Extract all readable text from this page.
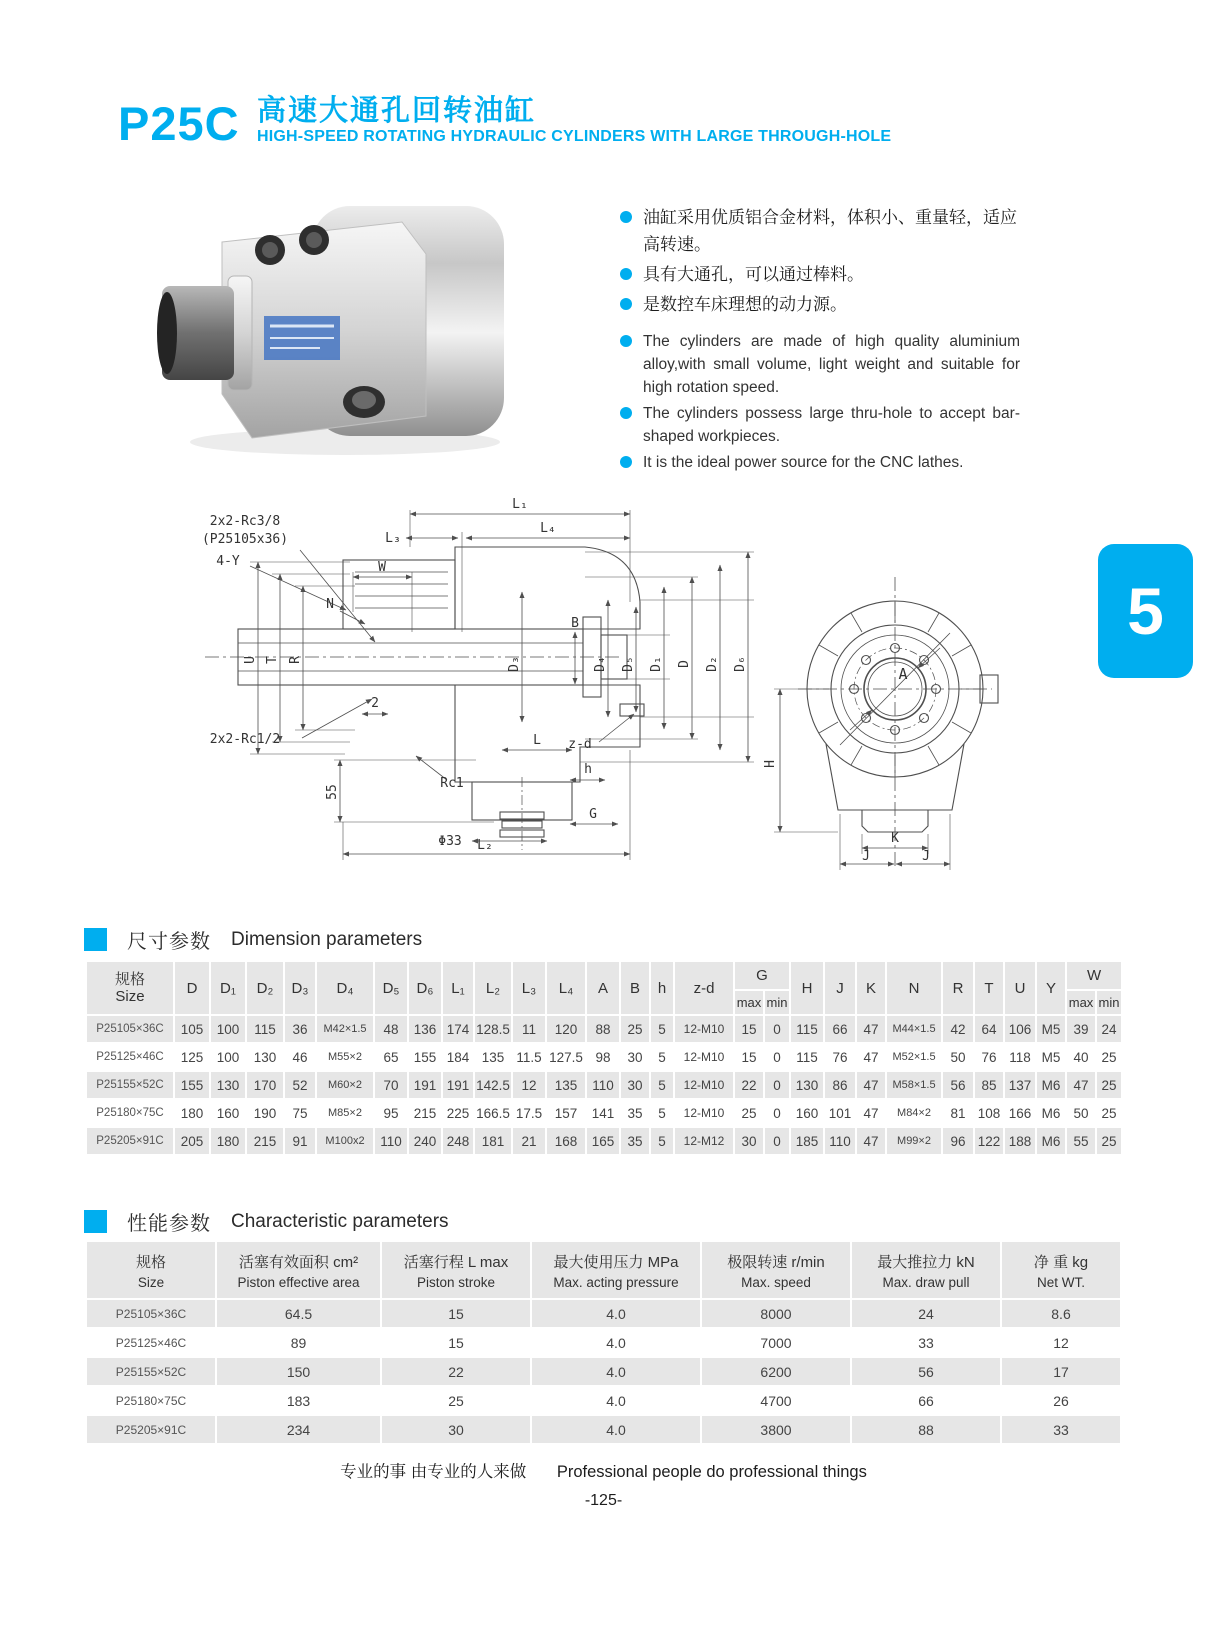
P25C 高速大通孔回转油缸
HIGH-SPEED ROTATING HYDRAULIC CYLINDERS WITH LARGE THROUGH-HOLE
油缸采用优质铝合金材料，体积小、重量轻，适应高转速。
具有大通孔，可以通过棒料。
是数控车床理想的动力源。
The cylinders are made of high quality aluminium alloy,with small volume, light weight and suitable for high rotation speed.
The cylinders possess large thru-hole to accept bar-shaped workpieces.
It is the ideal power source for the CNC lathes.
2x2-Rc3/8
(P25105x36)
4-Y	W
L₁
L₃
L₄
N
U T R	D₃
B
D₄ D₅ D₁ D D₂ D₆
2
2x2-Rc1/2
55
Φ33
Rc1
L z-d
h
G
L₂
A
H
K
J	J
5
尺寸参数 Dimension parameters
规格
Size	D	D₁	D₂	D₃	D₄	D₅	D₆	L₁	L₂	L₃	L₄	A	B	h	z-d	G		H	J	K	N	R	T	U	Y	W	
																max	min									max	min
P25105×36C	105	100	115	36	M42×1.5	48	136	174	128.5	11	120	88	25	5	12-M10	15	0	115	66	47	M44×1.5	42	64	106	M5	39	24
P25125×46C	125	100	130	46	M55×2	65	155	184	135	11.5	127.5	98	30	5	12-M10	15	0	115	76	47	M52×1.5	50	76	118	M5	40	25
P25155×52C	155	130	170	52	M60×2	70	191	191	142.5	12	135	110	30	5	12-M10	22	0	130	86	47	M58×1.5	56	85	137	M6	47	25
P25180×75C	180	160	190	75	M85×2	95	215	225	166.5	17.5	157	141	35	5	12-M10	25	0	160	101	47	M84×2	81	108	166	M6	50	25
P25205×91C	205	180	215	91	M100x2	110	240	248	181	21	168	165	35	5	12-M12	30	0	185	110	47	M99×2	96	122	188	M6	55	25
性能参数 Characteristic parameters
规格
Size

活塞有效面积 cm²
Piston effective area

活塞行程 L max
Piston stroke

最大使用压力 MPa
Max. acting pressure

极限转速 r/min
Max. speed

最大推拉力 kN
Max. draw pull

净 重 kg
Net WT.

P25105×36C	64.5	15	4.0	8000	24	8.6
P25125×46C	89	15	4.0	7000	33	12
P25155×52C	150	22	4.0	6200	56	17
P25180×75C	183	25	4.0	4700	66	26
P25205×91C	234	30	4.0	3800	88	33
专业的事 由专业的人来做 Professional people do professional things
-125-
